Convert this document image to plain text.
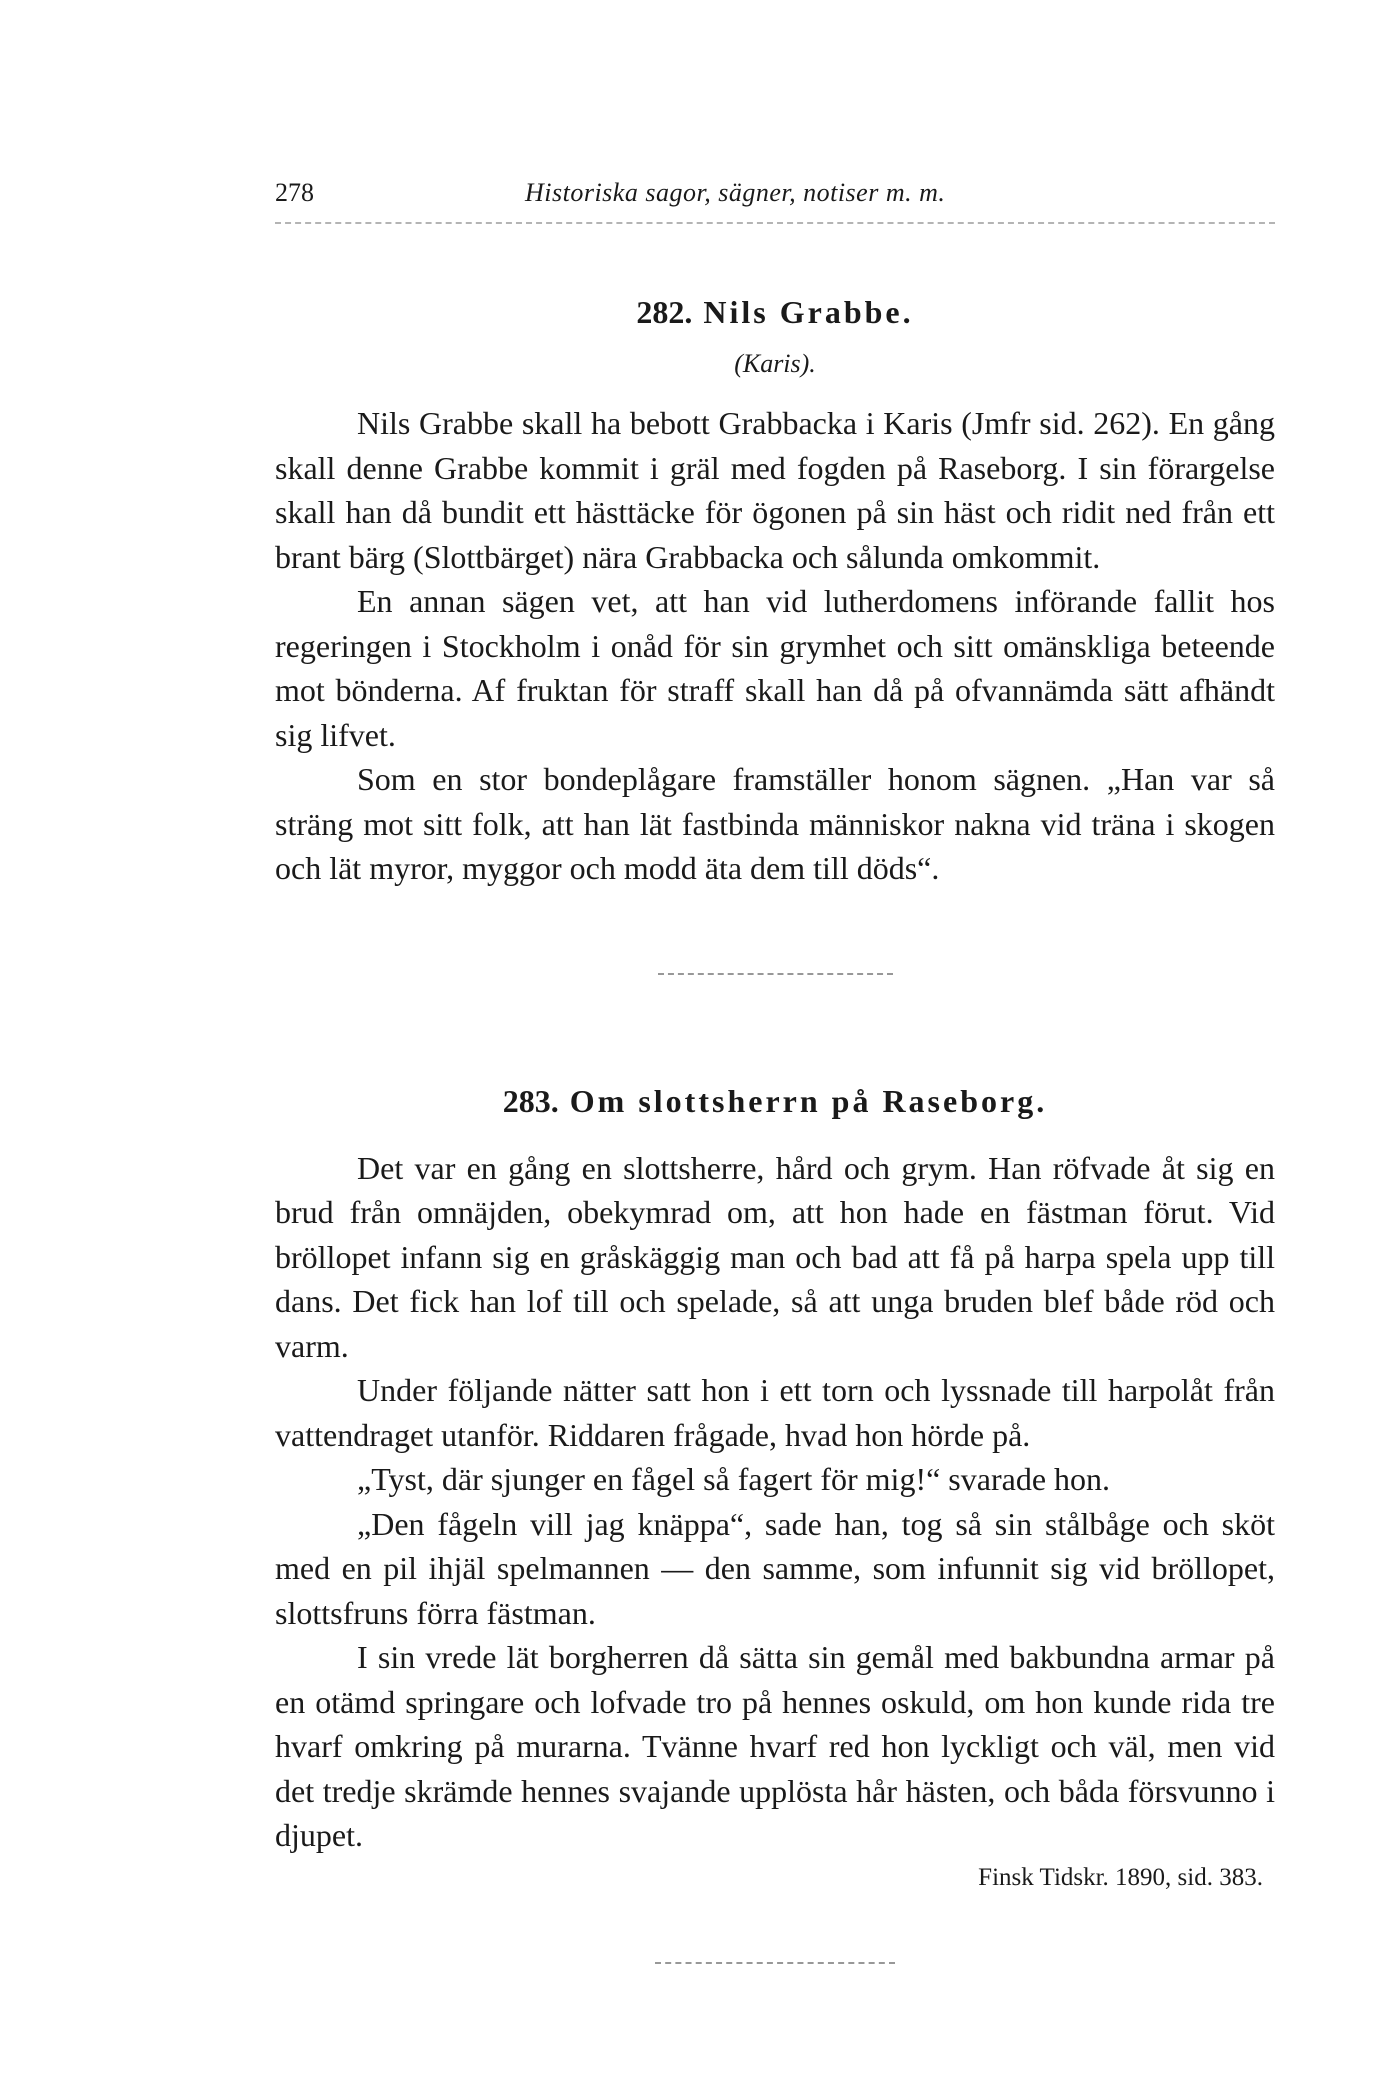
278	Historiska sagor, sägner, notiser m. m.
282. Nils Grabbe.
(Karis).

Nils Grabbe skall ha bebott Grabbacka i Karis (Jmfr sid. 262). En gång skall denne Grabbe kommit i gräl med fogden på Raseborg. I sin förargelse skall han då bundit ett hästtäcke för ögonen på sin häst och ridit ned från ett brant bärg (Slottbärget) nära Grabbacka och sålunda omkommit.

En annan sägen vet, att han vid lutherdomens införande fallit hos regeringen i Stockholm i onåd för sin grymhet och sitt omänskliga beteende mot bönderna. Af fruktan för straff skall han då på ofvannämda sätt afhändt sig lifvet.

Som en stor bondeplågare framställer honom sägnen. „Han var så sträng mot sitt folk, att han lät fastbinda människor nakna vid träna i skogen och lät myror, myggor och modd äta dem till döds“.

283. Om slottsherrn på Raseborg.

Det var en gång en slottsherre, hård och grym. Han röfvade åt sig en brud från omnäjden, obekymrad om, att hon hade en fästman förut. Vid bröllopet infann sig en gråskäggig man och bad att få på harpa spela upp till dans. Det fick han lof till och spelade, så att unga bruden blef både röd och varm.

Under följande nätter satt hon i ett torn och lyssnade till harpolåt från vattendraget utanför. Riddaren frågade, hvad hon hörde på.

„Tyst, där sjunger en fågel så fagert för mig!“ svarade hon.

„Den fågeln vill jag knäppa“, sade han, tog så sin stålbåge och sköt med en pil ihjäl spelmannen — den samme, som infunnit sig vid bröllopet, slottsfruns förra fästman.

I sin vrede lät borgherren då sätta sin gemål med bakbundna armar på en otämd springare och lofvade tro på hennes oskuld, om hon kunde rida tre hvarf omkring på murarna. Tvänne hvarf red hon lyckligt och väl, men vid det tredje skrämde hennes svajande upplösta hår hästen, och båda försvunno i djupet.

Finsk Tidskr. 1890, sid. 383.
